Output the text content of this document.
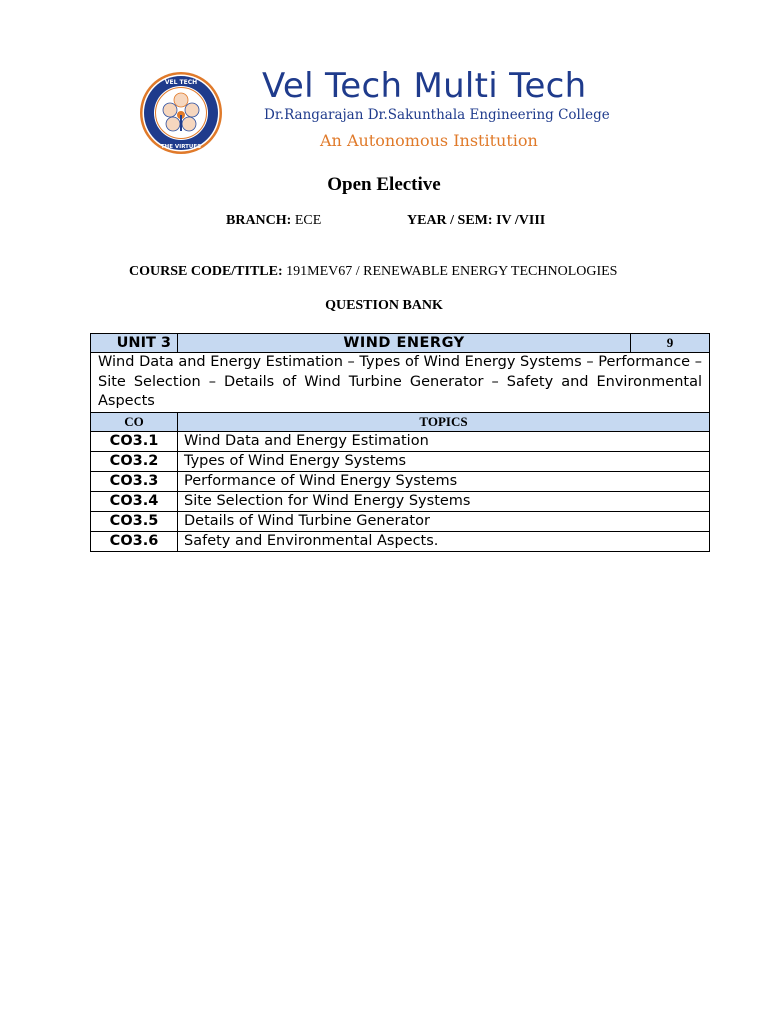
VEL TECH
THE VIRTUES
Vel Tech Multi Tech
Dr.Rangarajan Dr.Sakunthala Engineering College
An Autonomous Institution
Open Elective
BRANCH: ECE	YEAR / SEM: IV /VIII
COURSE CODE/TITLE: 191MEV67 / RENEWABLE ENERGY TECHNOLOGIES
QUESTION BANK
UNIT 3	WIND ENERGY	9
Wind Data and Energy Estimation – Types of Wind Energy Systems – Performance – Site Selection – Details of Wind Turbine Generator – Safety and Environmental Aspects		
CO	TOPICS	
CO3.1	Wind Data and Energy Estimation	
CO3.2	Types of Wind Energy Systems	
CO3.3	Performance of Wind Energy Systems	
CO3.4	Site Selection for Wind Energy Systems	
CO3.5	Details of Wind Turbine Generator	
CO3.6	Safety and Environmental Aspects.	
